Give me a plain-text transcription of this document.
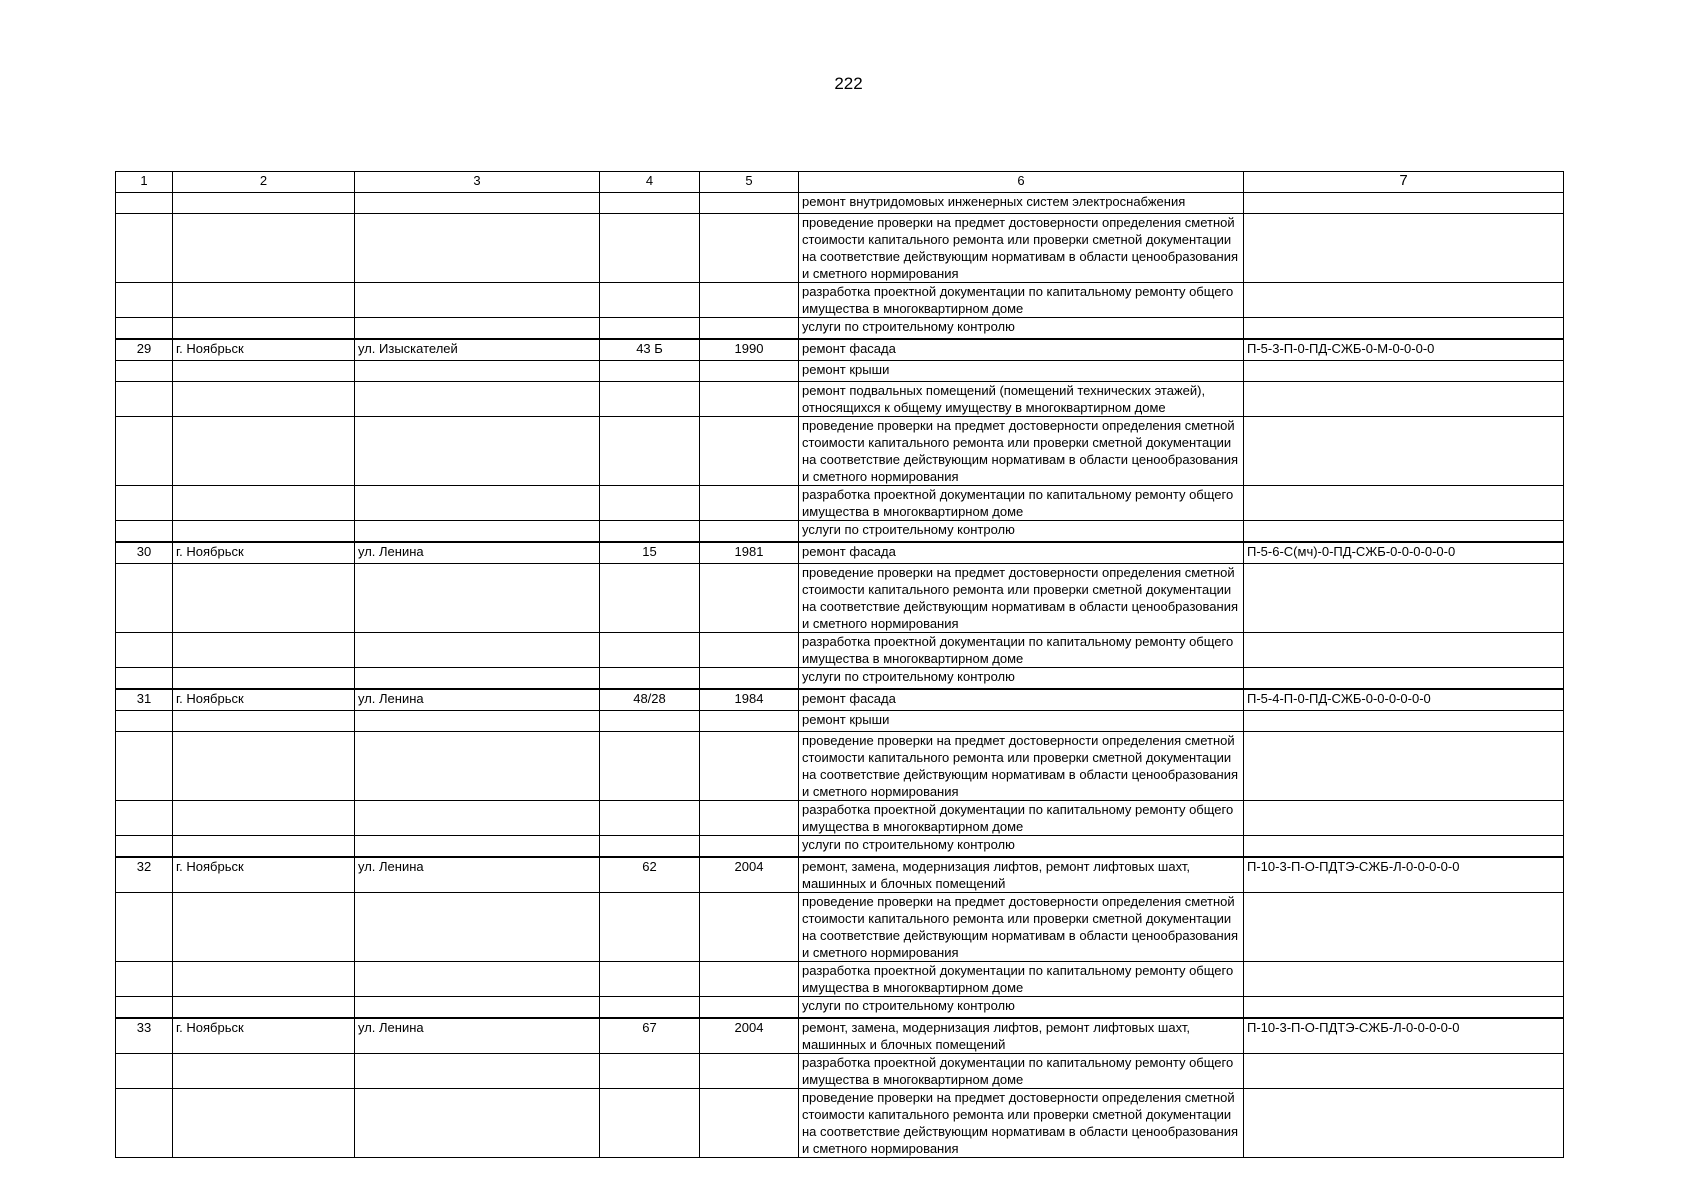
222
1	2	3	4	5	6	7
					ремонт внутридомовых инженерных систем электроснабжения	
					проведение проверки на предмет достоверности определения сметной стоимости капитального ремонта или проверки сметной документации на соответствие действующим нормативам в области ценообразования и сметного нормирования	
					разработка проектной документации по капитальному ремонту общего имущества в многоквартирном доме	
					услуги по строительному контролю	
29	г. Ноябрьск	ул. Изыскателей	43 Б	1990	ремонт фасада	П-5-3-П-0-ПД-СЖБ-0-М-0-0-0-0
					ремонт крыши	
					ремонт подвальных помещений (помещений технических этажей), относящихся к общему имуществу в многоквартирном доме	
					проведение проверки на предмет достоверности определения сметной стоимости капитального ремонта или проверки сметной документации на соответствие действующим нормативам в области ценообразования и сметного нормирования	
					разработка проектной документации по капитальному ремонту общего имущества в многоквартирном доме	
					услуги по строительному контролю	
30	г. Ноябрьск	ул. Ленина	15	1981	ремонт фасада	П-5-6-С(мч)-0-ПД-СЖБ-0-0-0-0-0-0
					проведение проверки на предмет достоверности определения сметной стоимости капитального ремонта или проверки сметной документации на соответствие действующим нормативам в области ценообразования и сметного нормирования	
					разработка проектной документации по капитальному ремонту общего имущества в многоквартирном доме	
					услуги по строительному контролю	
31	г. Ноябрьск	ул. Ленина	48/28	1984	ремонт фасада	П-5-4-П-0-ПД-СЖБ-0-0-0-0-0-0
					ремонт крыши	
					проведение проверки на предмет достоверности определения сметной стоимости капитального ремонта или проверки сметной документации на соответствие действующим нормативам в области ценообразования и сметного нормирования	
					разработка проектной документации по капитальному ремонту общего имущества в многоквартирном доме	
					услуги по строительному контролю	
32	г. Ноябрьск	ул. Ленина	62	2004	ремонт, замена, модернизация лифтов, ремонт лифтовых шахт, машинных и блочных помещений	П-10-3-П-О-ПДТЭ-СЖБ-Л-0-0-0-0-0
					проведение проверки на предмет достоверности определения сметной стоимости капитального ремонта или проверки сметной документации на соответствие действующим нормативам в области ценообразования и сметного нормирования	
					разработка проектной документации по капитальному ремонту общего имущества в многоквартирном доме	
					услуги по строительному контролю	
33	г. Ноябрьск	ул. Ленина	67	2004	ремонт, замена, модернизация лифтов, ремонт лифтовых шахт, машинных и блочных помещений	П-10-3-П-О-ПДТЭ-СЖБ-Л-0-0-0-0-0
					разработка проектной документации по капитальному ремонту общего имущества в многоквартирном доме	
					проведение проверки на предмет достоверности определения сметной стоимости капитального ремонта или проверки сметной документации на соответствие действующим нормативам в области ценообразования и сметного нормирования	
